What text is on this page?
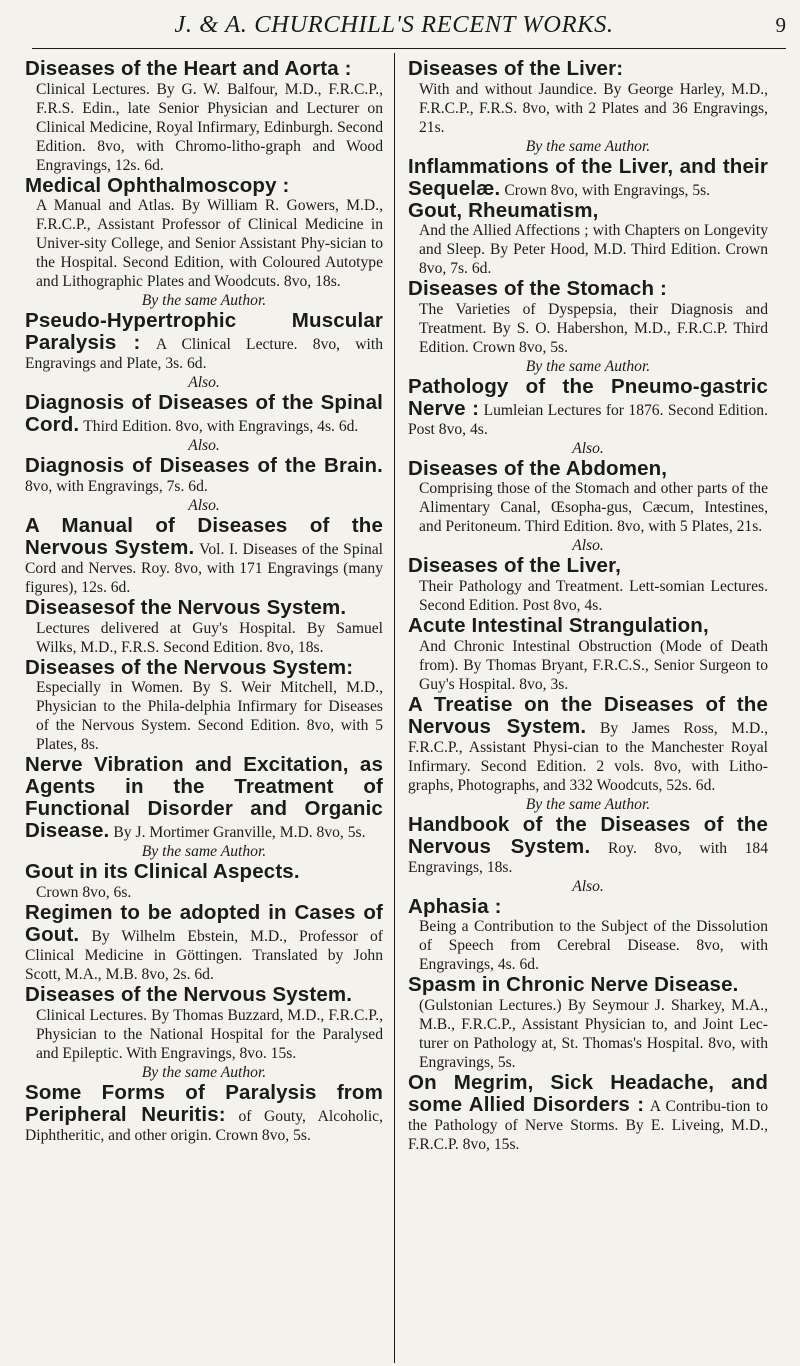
J. & A. CHURCHILL'S RECENT WORKS.	9
Diseases of the Heart and Aorta :

Clinical Lectures. By G. W. Balfour, M.D., F.R.C.P., F.R.S. Edin., late Senior Physician and Lecturer on Clinical Medicine, Royal Infirmary, Edinburgh. Second Edition. 8vo, with Chromo-litho-graph and Wood Engravings, 12s. 6d.

Medical Ophthalmoscopy :

A Manual and Atlas. By William R. Gowers, M.D., F.R.C.P., Assistant Professor of Clinical Medicine in Univer-sity College, and Senior Assistant Phy-sician to the Hospital. Second Edition, with Coloured Autotype and Lithographic Plates and Woodcuts. 8vo, 18s.

By the same Author.

Pseudo-Hypertrophic Muscular Paralysis : A Clinical Lecture. 8vo, with Engravings and Plate, 3s. 6d.

Also.

Diagnosis of Diseases of the Spinal Cord. Third Edition. 8vo, with Engravings, 4s. 6d.

Also.

Diagnosis of Diseases of the Brain. 8vo, with Engravings, 7s. 6d.

Also.

A Manual of Diseases of the Nervous System. Vol. I. Diseases of the Spinal Cord and Nerves. Roy. 8vo, with 171 Engravings (many figures), 12s. 6d.
Diseasesof the Nervous System.

Lectures delivered at Guy's Hospital. By Samuel Wilks, M.D., F.R.S. Second Edition. 8vo, 18s.

Diseases of the Nervous System:

Especially in Women. By S. Weir Mitchell, M.D., Physician to the Phila-delphia Infirmary for Diseases of the Nervous System. Second Edition. 8vo, with 5 Plates, 8s.

Nerve Vibration and Excitation, as Agents in the Treatment of Functional Disorder and Organic Disease. By J. Mortimer Granville, M.D. 8vo, 5s.

By the same Author.

Gout in its Clinical Aspects.

Crown 8vo, 6s.

Regimen to be adopted in Cases of Gout. By Wilhelm Ebstein, M.D., Professor of Clinical Medicine in Göttingen. Translated by John Scott, M.A., M.B. 8vo, 2s. 6d.
Diseases of the Nervous System.

Clinical Lectures. By Thomas Buzzard, M.D., F.R.C.P., Physician to the National Hospital for the Paralysed and Epileptic. With Engravings, 8vo. 15s.

By the same Author.

Some Forms of Paralysis from Peripheral Neuritis: of Gouty, Alcoholic, Diphtheritic, and other origin. Crown 8vo, 5s.
Diseases of the Liver:

With and without Jaundice. By George Harley, M.D., F.R.C.P., F.R.S. 8vo, with 2 Plates and 36 Engravings, 21s.

By the same Author.

Inflammations of the Liver, and their Sequelæ. Crown 8vo, with Engravings, 5s.
Gout, Rheumatism,

And the Allied Affections ; with Chapters on Longevity and Sleep. By Peter Hood, M.D. Third Edition. Crown 8vo, 7s. 6d.

Diseases of the Stomach :

The Varieties of Dyspepsia, their Diagnosis and Treatment. By S. O. Habershon, M.D., F.R.C.P. Third Edition. Crown 8vo, 5s.

By the same Author.

Pathology of the Pneumo-gastric Nerve : Lumleian Lectures for 1876. Second Edition. Post 8vo, 4s.

Also.

Diseases of the Abdomen,

Comprising those of the Stomach and other parts of the Alimentary Canal, Œsopha-gus, Cæcum, Intestines, and Peritoneum. Third Edition. 8vo, with 5 Plates, 21s.

Also.

Diseases of the Liver,

Their Pathology and Treatment. Lett-somian Lectures. Second Edition. Post 8vo, 4s.

Acute Intestinal Strangulation,

And Chronic Intestinal Obstruction (Mode of Death from). By Thomas Bryant, F.R.C.S., Senior Surgeon to Guy's Hospital. 8vo, 3s.

A Treatise on the Diseases of the Nervous System. By James Ross, M.D., F.R.C.P., Assistant Physi-cian to the Manchester Royal Infirmary. Second Edition. 2 vols. 8vo, with Litho-graphs, Photographs, and 332 Woodcuts, 52s. 6d.

By the same Author.

Handbook of the Diseases of the Nervous System. Roy. 8vo, with 184 Engravings, 18s.

Also.

Aphasia :

Being a Contribution to the Subject of the Dissolution of Speech from Cerebral Disease. 8vo, with Engravings, 4s. 6d.

Spasm in Chronic Nerve Disease.

(Gulstonian Lectures.) By Seymour J. Sharkey, M.A., M.B., F.R.C.P., Assistant Physician to, and Joint Lec-turer on Pathology at, St. Thomas's Hospital. 8vo, with Engravings, 5s.

On Megrim, Sick Headache, and some Allied Disorders : A Contribu-tion to the Pathology of Nerve Storms. By E. Liveing, M.D., F.R.C.P. 8vo, 15s.
